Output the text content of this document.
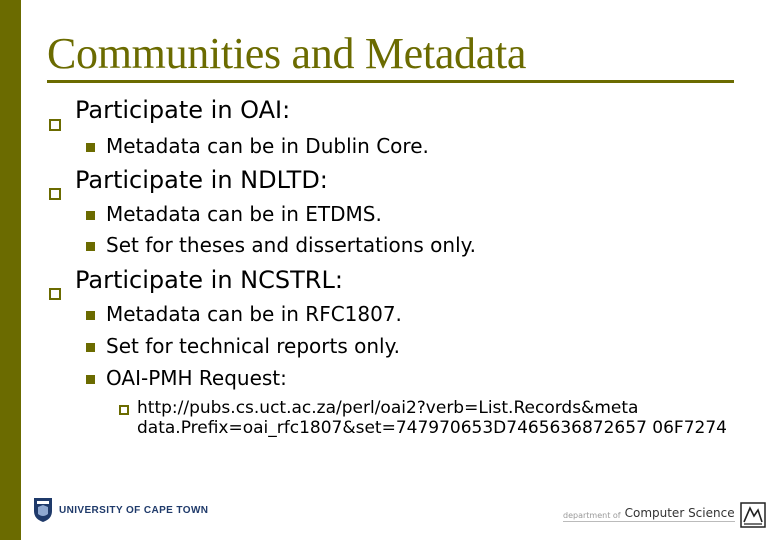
Communities and Metadata
Participate in OAI:
Metadata can be in Dublin Core.
Participate in NDLTD:
Metadata can be in ETDMS.
Set for theses and dissertations only.
Participate in NCSTRL:
Metadata can be in RFC1807.
Set for technical reports only.
OAI-PMH Request:
http://pubs.cs.uct.ac.za/perl/oai2?verb=List.Records&meta data.Prefix=oai_rfc1807&set=747970653D7465636872657 06F7274
UNIVERSITY OF CAPE TOWN	department of Computer Science
